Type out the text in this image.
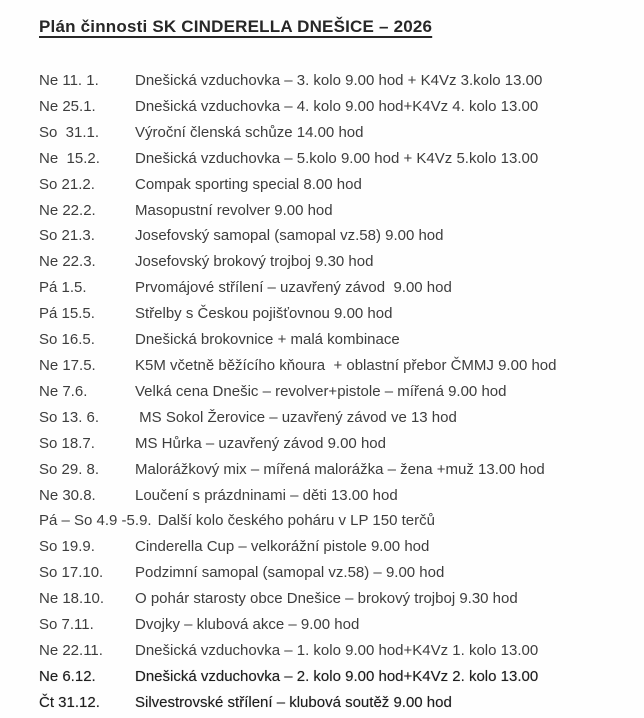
Plán činnosti SK CINDERELLA DNEŠICE – 2026
Ne 11. 1.	Dnešická vzduchovka – 3. kolo 9.00 hod + K4Vz 3.kolo 13.00
Ne 25.1.	Dnešická vzduchovka – 4. kolo 9.00 hod+K4Vz 4. kolo 13.00
So  31.1.	Výroční členská schůze 14.00 hod
Ne  15.2.	Dnešická vzduchovka – 5.kolo 9.00 hod + K4Vz 5.kolo 13.00
So 21.2.	Compak sporting special 8.00 hod
Ne 22.2.	Masopustní revolver 9.00 hod
So 21.3.	Josefovský samopal (samopal vz.58) 9.00 hod
Ne 22.3.	Josefovský brokový trojboj 9.30 hod
Pá 1.5.	Prvomájové střílení – uzavřený závod  9.00 hod
Pá 15.5.	Střelby s Českou pojišťovnou 9.00 hod
So 16.5.	Dnešická brokovnice + malá kombinace
Ne 17.5.	K5M včetně běžícího kňoura  + oblastní přebor ČMMJ 9.00 hod
Ne 7.6.	Velká cena Dnešic – revolver+pistole – mířená 9.00 hod
So 13. 6.	MS Sokol Žerovice – uzavřený závod ve 13 hod
So 18.7.	MS Hůrka – uzavřený závod 9.00 hod
So 29. 8.	Malorážkový mix – mířená malorážka – žena +muž 13.00 hod
Ne 30.8.	Loučení s prázdninami – děti 13.00 hod
Pá – So 4.9 -5.9. Další kolo českého poháru v LP 150 terčů
So 19.9.	Cinderella Cup – velkorážní pistole 9.00 hod
So 17.10.	Podzimní samopal (samopal vz.58) – 9.00 hod
Ne 18.10.	O pohár starosty obce Dnešice – brokový trojboj 9.30 hod
So 7.11.	Dvojky – klubová akce – 9.00 hod
Ne 22.11.	Dnešická vzduchovka – 1. kolo 9.00 hod+K4Vz 1. kolo 13.00
Ne 6.12.	Dnešická vzduchovka – 2. kolo 9.00 hod+K4Vz 2. kolo 13.00
Čt 31.12.	Silvestrovské střílení – klubová soutěž 9.00 hod
